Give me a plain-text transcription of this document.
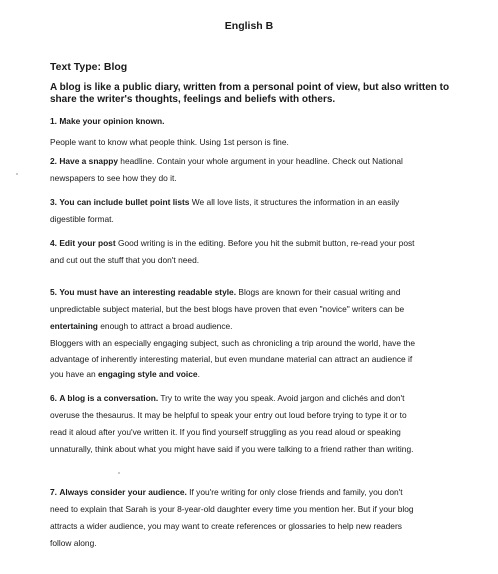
English B
Text Type: Blog
A blog is like a public diary, written from a personal point of view, but also written to share the writer's thoughts, feelings and beliefs with others.
1. Make your opinion known.
People want to know what people think. Using 1st person is fine.
2. Have a snappy headline. Contain your whole argument in your headline. Check out National
newspapers to see how they do it.
3. You can include bullet point lists We all love lists, it structures the information in an easily
digestible format.
4. Edit your post Good writing is in the editing. Before you hit the submit button, re-read your post
and cut out the stuff that you don't need.
5. You must have an interesting readable style. Blogs are known for their casual writing and
unpredictable subject material, but the best blogs have proven that even "novice" writers can be
entertaining enough to attract a broad audience.
Bloggers with an especially engaging subject, such as chronicling a trip around the world, have the
advantage of inherently interesting material, but even mundane material can attract an audience if
you have an engaging style and voice.
6. A blog is a conversation. Try to write the way you speak. Avoid jargon and clichés and don't
overuse the thesaurus. It may be helpful to speak your entry out loud before trying to type it or to
read it aloud after you've written it. If you find yourself struggling as you read aloud or speaking
unnaturally, think about what you might have said if you were talking to a friend rather than writing.
7. Always consider your audience. If you're writing for only close friends and family, you don't
need to explain that Sarah is your 8-year-old daughter every time you mention her. But if your blog
attracts a wider audience, you may want to create references or glossaries to help new readers
follow along.
